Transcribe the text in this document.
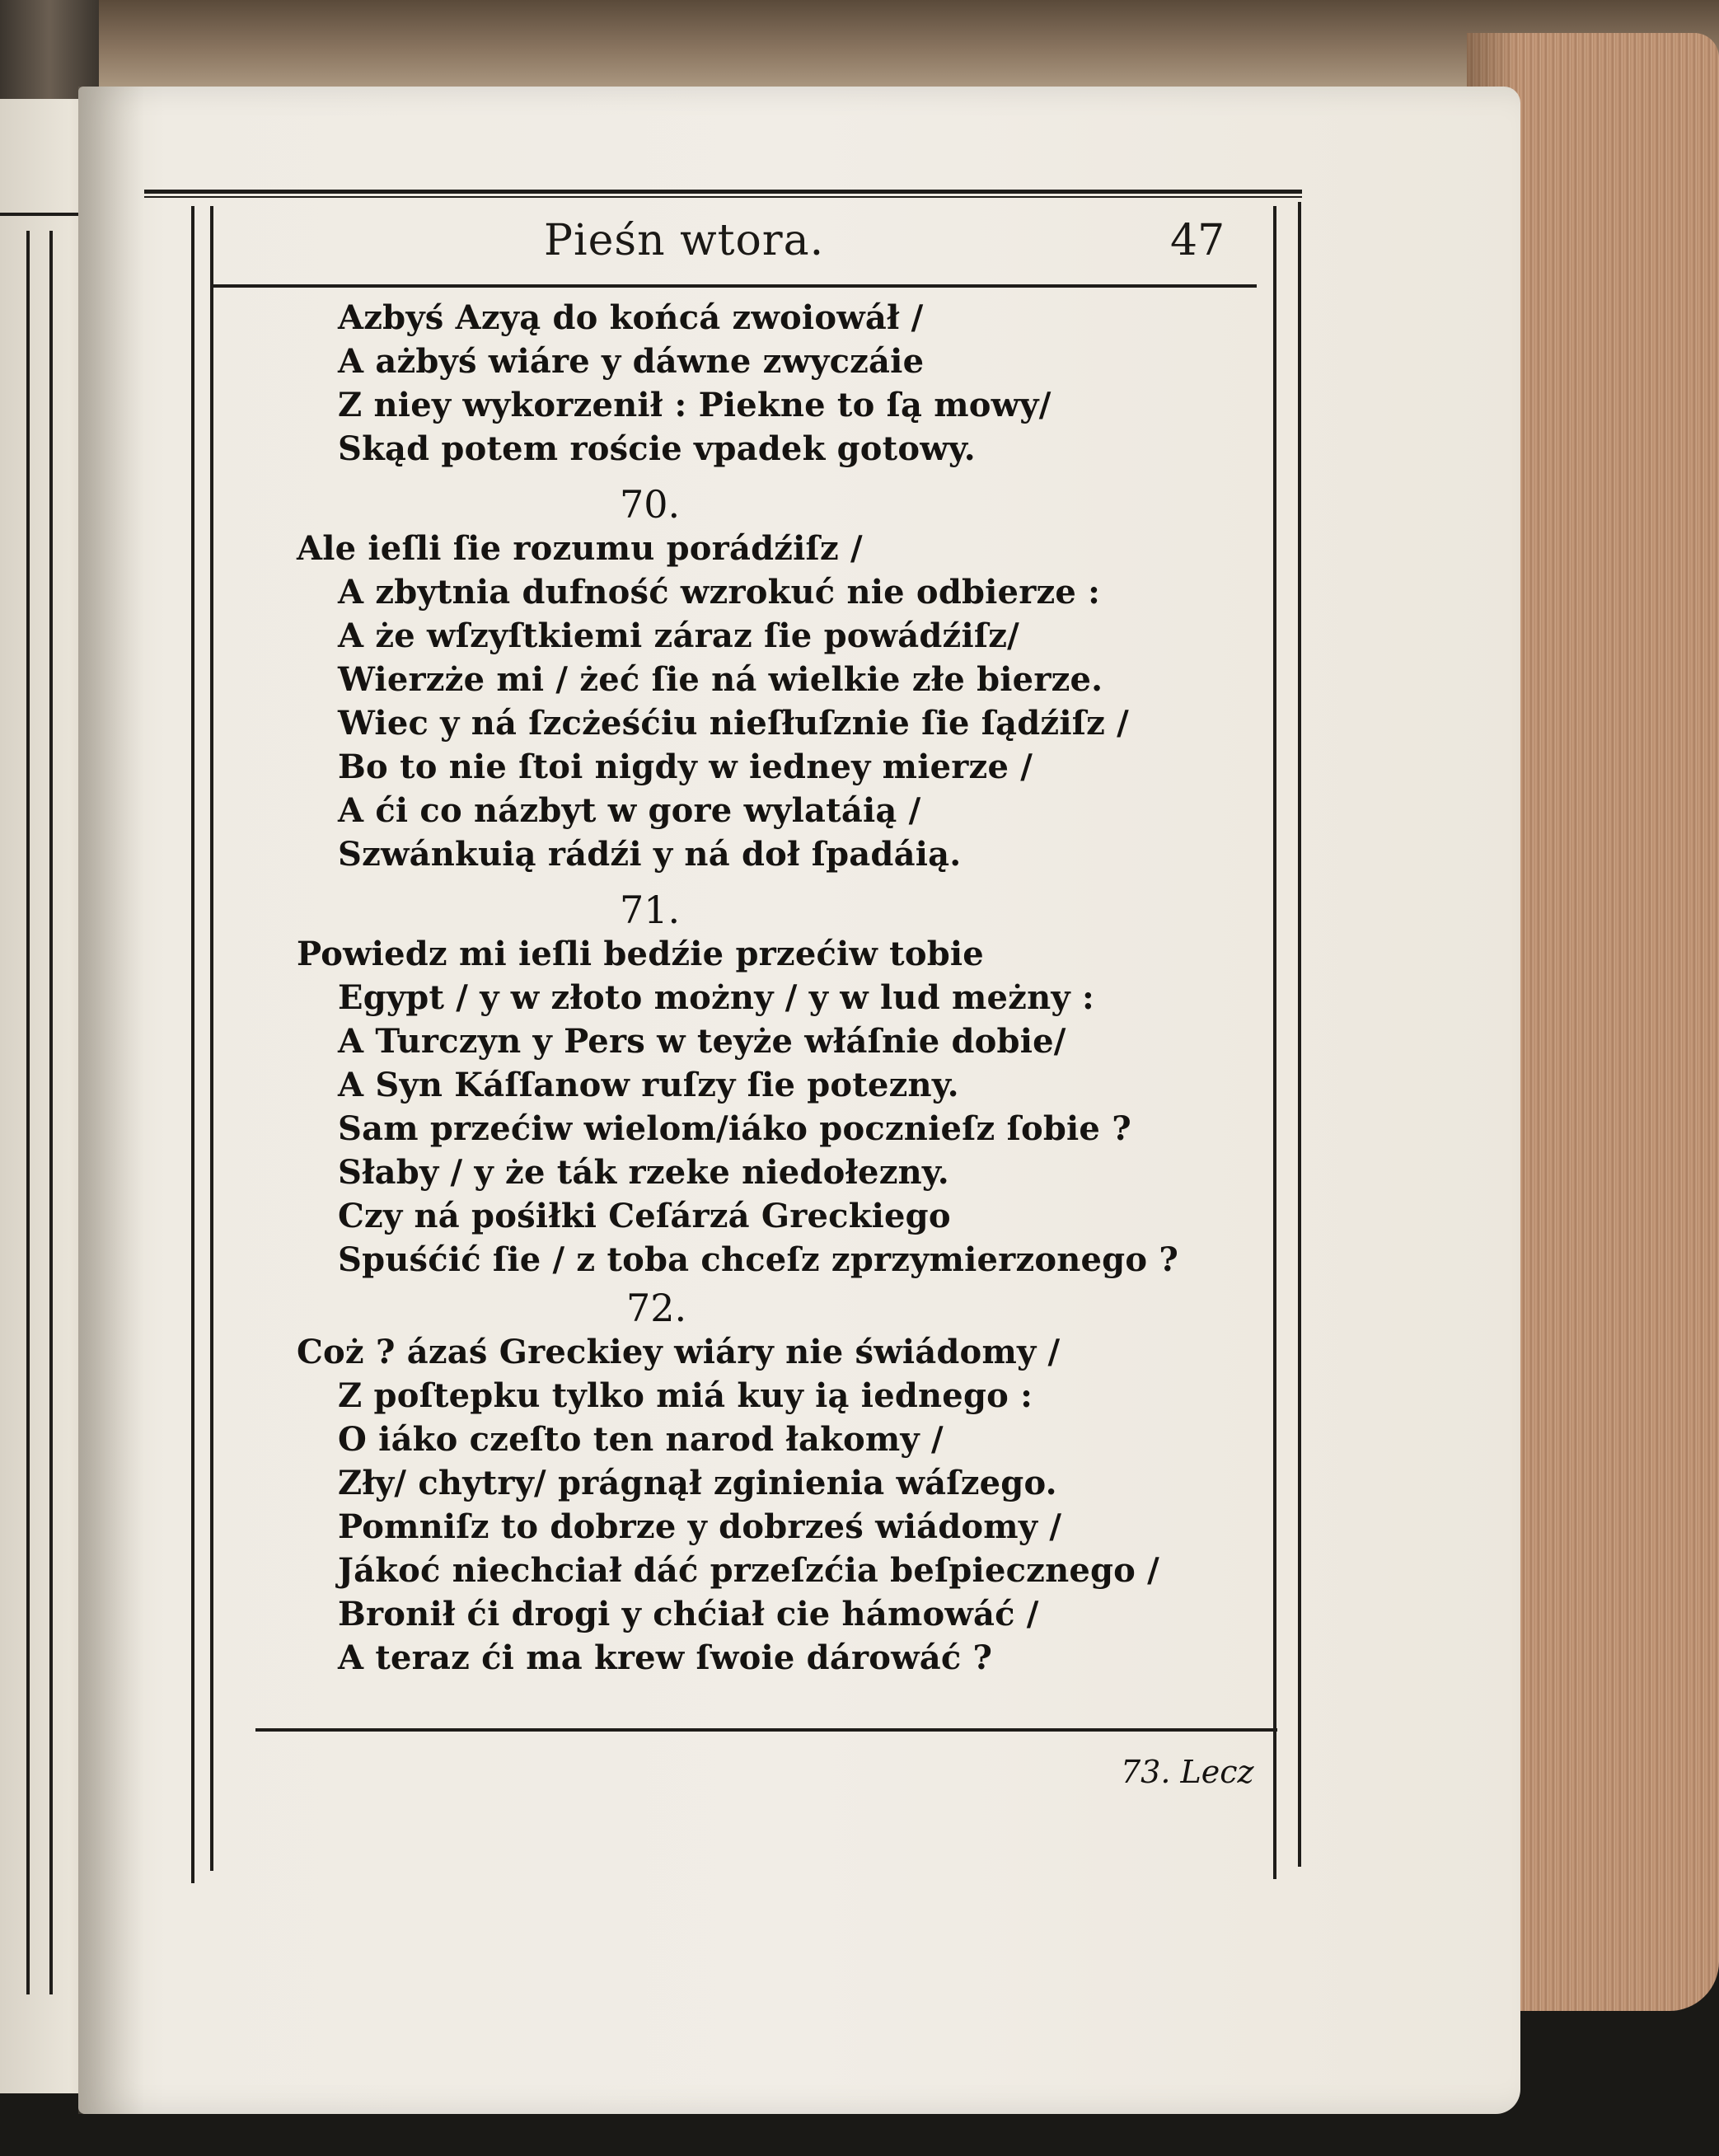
Pieśn wtora.	47
Azbyś Azyą do końcá zwoiowáł /
A ażbyś wiáre y dáwne zwyczáie
Z niey wykorzenił : Piekne to ſą mowy/
Skąd potem roście vpadek gotowy.
70.
Ale ieſli ſie rozumu porádźiſz /
A zbytnia dufność wzrokuć nie odbierze :
A że wſzyſtkiemi záraz ſie powádźiſz/
Wierzże mi / żeć ſie ná wielkie złe bierze.
Wiec y ná ſzcżeśćiu nieſłuſznie ſie ſądźiſz /
Bo to nie ſtoi nigdy w iedney mierze /
A ći co názbyt w gore wylatáią /
Szwánkuią rádźi y ná doł ſpadáią.
71.
Powiedz mi ieſli bedźie przećiw tobie
Egypt / y w złoto możny / y w lud meżny :
A Turczyn y Pers w teyże włáſnie dobie/
A Syn Káſſanow ruſzy ſie potezny.
Sam przećiw wielom/iáko pocznieſz ſobie ?
Słaby / y że ták rzeke niedołezny.
Czy ná pośiłki Ceſárzá Greckiego
Spuśćić ſie / z toba chceſz zprzymierzonego ?
72.
Coż ? ázaś Greckiey wiáry nie świádomy /
Z poſtepku tylko miá kuy ią iednego :
O iáko czeſto ten narod łakomy /
Zły/ chytry/ prágnął zginienia wáſzego.
Pomniſz to dobrze y dobrześ wiádomy /
Jákoć niechciał dáć przeſzćia beſpiecznego /
Bronił ći drogi y chćiał cie hámowáć /
A teraz ći ma krew ſwoie dárowáć ?
73. Lecz
